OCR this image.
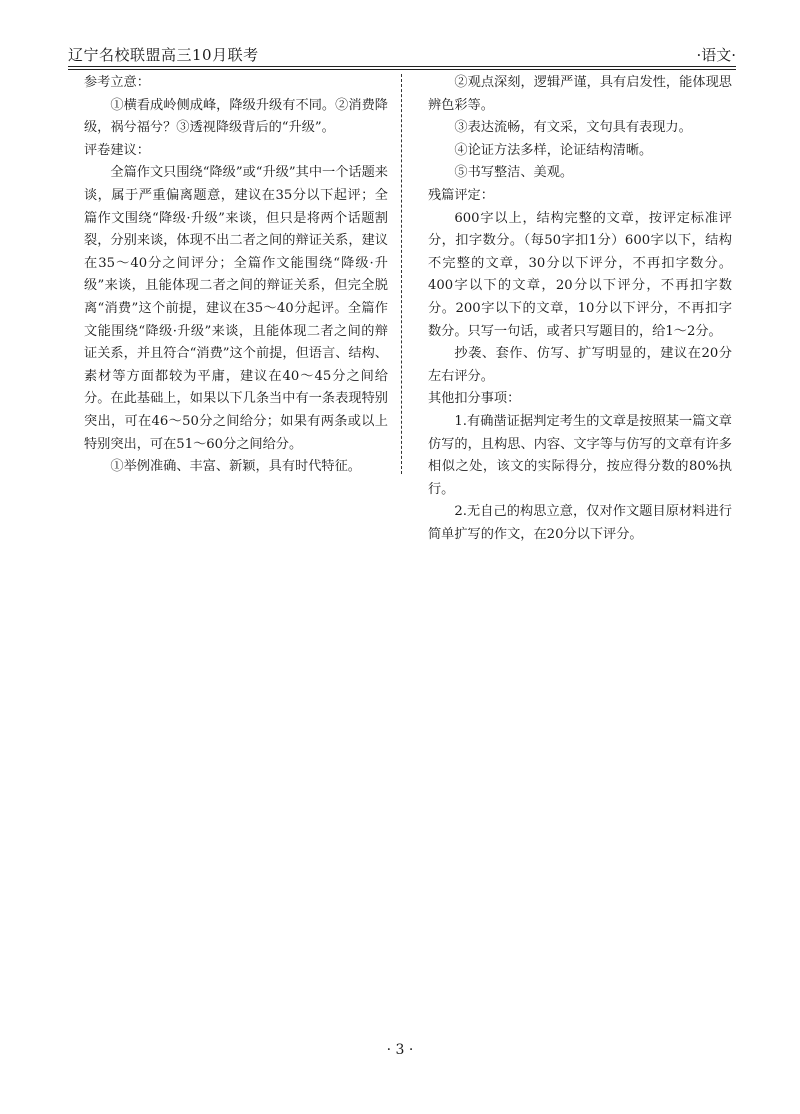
辽宁名校联盟高三10月联考	·语文·

参考立意：

①横看成岭侧成峰，降级升级有不同。②消费降级，祸兮福兮？③透视降级背后的“升级”。

评卷建议：

全篇作文只围绕“降级”或“升级”其中一个话题来谈，属于严重偏离题意，建议在35分以下起评；全篇作文围绕“降级·升级”来谈，但只是将两个话题割裂，分别来谈，体现不出二者之间的辩证关系，建议在35～40分之间评分；全篇作文能围绕“降级·升级”来谈，且能体现二者之间的辩证关系，但完全脱离“消费”这个前提，建议在35～40分起评。全篇作文能围绕“降级·升级”来谈，且能体现二者之间的辩证关系，并且符合“消费”这个前提，但语言、结构、素材等方面都较为平庸，建议在40～45分之间给分。在此基础上，如果以下几条当中有一条表现特别突出，可在46～50分之间给分；如果有两条或以上特别突出，可在51～60分之间给分。

①举例准确、丰富、新颖，具有时代特征。

②观点深刻，逻辑严谨，具有启发性，能体现思辨色彩等。

③表达流畅，有文采，文句具有表现力。

④论证方法多样，论证结构清晰。

⑤书写整洁、美观。

残篇评定：

600字以上，结构完整的文章，按评定标准评分，扣字数分。（每50字扣1分）600字以下，结构不完整的文章，30分以下评分，不再扣字数分。400字以下的文章，20分以下评分，不再扣字数分。200字以下的文章，10分以下评分，不再扣字数分。只写一句话，或者只写题目的，给1～2分。

抄袭、套作、仿写、扩写明显的，建议在20分左右评分。

其他扣分事项：

1.有确凿证据判定考生的文章是按照某一篇文章仿写的，且构思、内容、文字等与仿写的文章有许多相似之处，该文的实际得分，按应得分数的80%执行。

2.无自己的构思立意，仅对作文题目原材料进行简单扩写的作文，在20分以下评分。

· 3 ·
